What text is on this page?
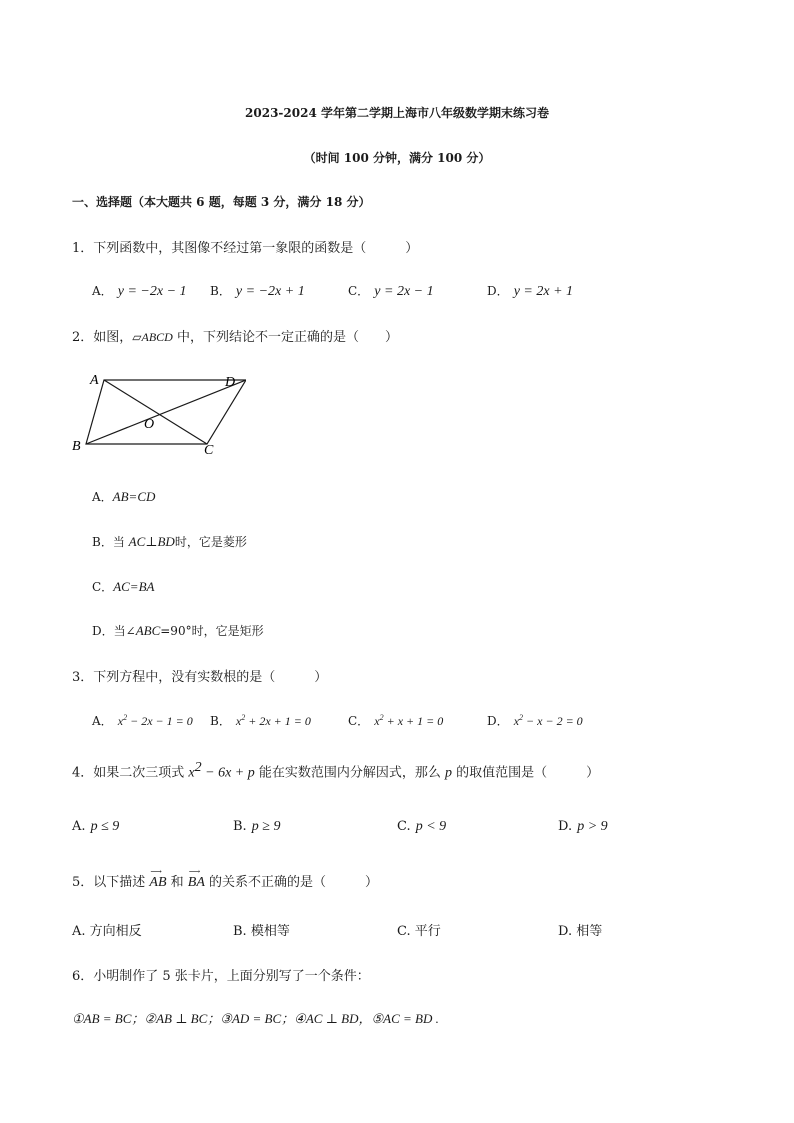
2023-2024 学年第二学期上海市八年级数学期末练习卷
（时间 100 分钟，满分 100 分）
一、选择题（本大题共 6 题，每题 3 分，满分 18 分）
1．下列函数中，其图像不经过第一象限的函数是（　　　）
A． y = −2x − 1 B． y = −2x + 1	C． y = 2x − 1	D． y = 2x + 1
2．如图，▱ABCD 中，下列结论不一定正确的是（　　）
A	D
B	C
O
A．AB=CD
B．当 AC⊥BD时，它是菱形
C．AC=BA
D．当∠ABC=90°时，它是矩形
3．下列方程中，没有实数根的是（　　　）
A． $x^2 - 2x - 1 = 0$ B． $x^2 + 2x + 1 = 0$	C． $x^2 + x + 1 = 0$	D． $x^2 - x - 2 = 0$
4．如果二次三项式 $x^2 - 6x + p$ 能在实数范围内分解因式，那么 p 的取值范围是（　　　）
A. p ≤ 9	B. p ≥ 9	C. p < 9	D. p > 9
5．以下描述
⟶
AB 和
⟶
BA 的关系不正确的是（　　　）
A. 方向相反	B. 模相等	C. 平行	D. 相等
6．小明制作了 5 张卡片，上面分别写了一个条件：
①AB = BC；②AB ⊥ BC；③AD = BC；④AC ⊥ BD，⑤AC = BD .
